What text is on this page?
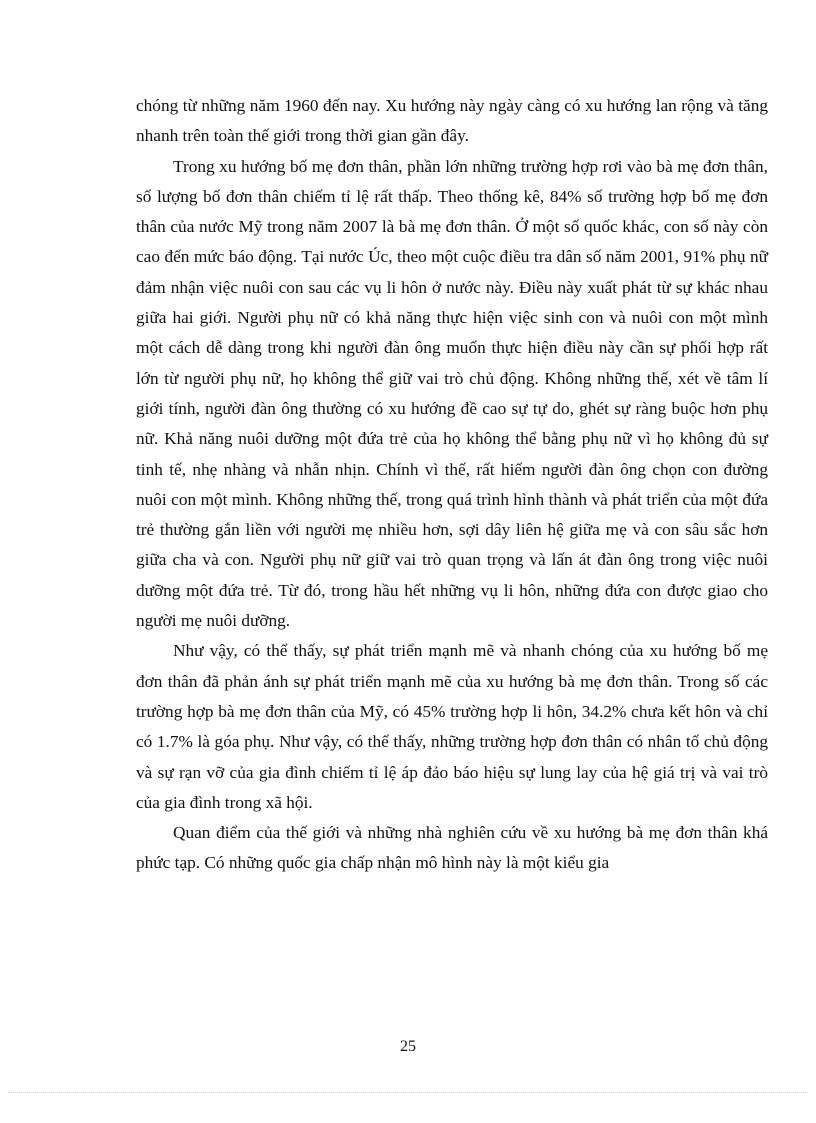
chóng từ những năm 1960 đến nay. Xu hướng này ngày càng có xu hướng lan rộng và tăng nhanh trên toàn thế giới trong thời gian gần đây.

Trong xu hướng bố mẹ đơn thân, phần lớn những trường hợp rơi vào bà mẹ đơn thân, số lượng bố đơn thân chiếm tỉ lệ rất thấp. Theo thống kê, 84% số trường hợp bố mẹ đơn thân của nước Mỹ trong năm 2007 là bà mẹ đơn thân. Ở một số quốc khác, con số này còn cao đến mức báo động. Tại nước Úc, theo một cuộc điều tra dân số năm 2001, 91% phụ nữ đảm nhận việc nuôi con sau các vụ li hôn ở nước này. Điều này xuất phát từ sự khác nhau giữa hai giới. Người phụ nữ có khả năng thực hiện việc sinh con và nuôi con một mình một cách dễ dàng trong khi người đàn ông muốn thực hiện điều này cần sự phối hợp rất lớn từ người phụ nữ, họ không thể giữ vai trò chủ động. Không những thế, xét về tâm lí giới tính, người đàn ông thường có xu hướng đề cao sự tự do, ghét sự ràng buộc hơn phụ nữ. Khả năng nuôi dưỡng một đứa trẻ của họ không thể bằng phụ nữ vì họ không đủ sự tinh tế, nhẹ nhàng và nhẫn nhịn. Chính vì thế, rất hiếm người đàn ông chọn con đường nuôi con một mình. Không những thế, trong quá trình hình thành và phát triển của một đứa trẻ thường gắn liền với người mẹ nhiều hơn, sợi dây liên hệ giữa mẹ và con sâu sắc hơn giữa cha và con. Người phụ nữ giữ vai trò quan trọng và lấn át đàn ông trong việc nuôi dưỡng một đứa trẻ. Từ đó, trong hầu hết những vụ li hôn, những đứa con được giao cho người mẹ nuôi dưỡng.

Như vậy, có thể thấy, sự phát triển mạnh mẽ và nhanh chóng của xu hướng bố mẹ đơn thân đã phản ánh sự phát triển mạnh mẽ của xu hướng bà mẹ đơn thân. Trong số các trường hợp bà mẹ đơn thân của Mỹ, có 45% trường hợp li hôn, 34.2% chưa kết hôn và chỉ có 1.7% là góa phụ. Như vậy, có thể thấy, những trường hợp đơn thân có nhân tố chủ động và sự rạn vỡ của gia đình chiếm tỉ lệ áp đảo báo hiệu sự lung lay của hệ giá trị và vai trò của gia đình trong xã hội.

Quan điểm của thế giới và những nhà nghiên cứu về xu hướng bà mẹ đơn thân khá phức tạp. Có những quốc gia chấp nhận mô hình này là một kiểu gia

25
